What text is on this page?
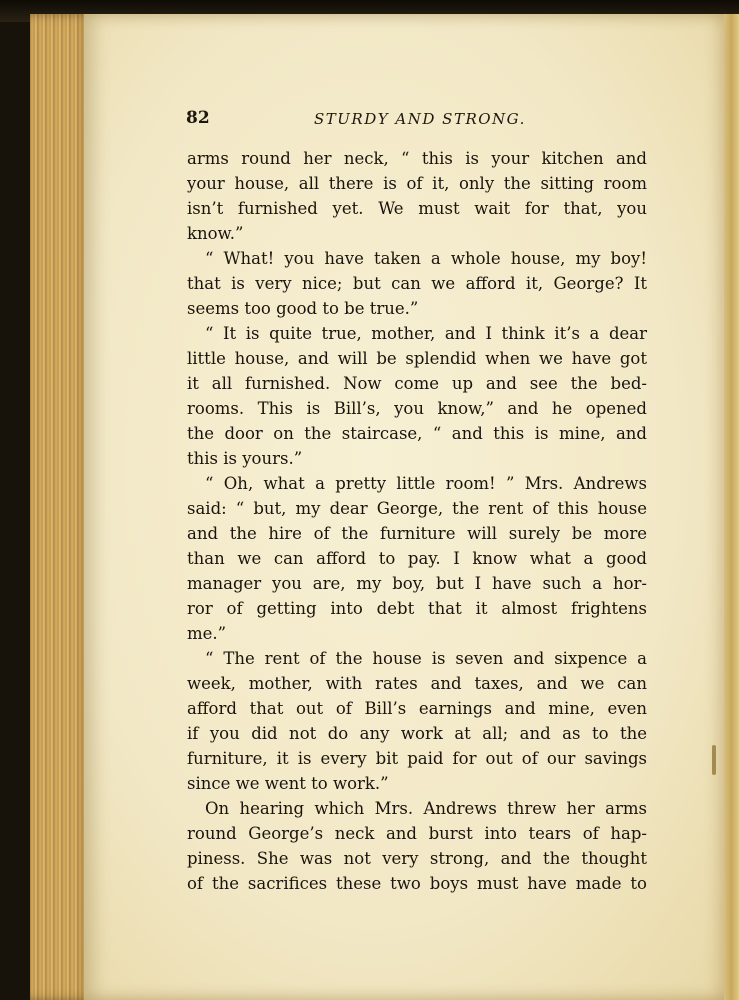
82	STURDY AND STRONG.
arms round her neck, “ this is your kitchen and
your house, all there is of it, only the sitting room
isn’t furnished yet. We must wait for that, you
know.”
“ What! you have taken a whole house, my boy!
that is very nice; but can we afford it, George? It
seems too good to be true.”
“ It is quite true, mother, and I think it’s a dear
little house, and will be splendid when we have got
it all furnished. Now come up and see the bed-
rooms. This is Bill’s, you know,” and he opened
the door on the staircase, “ and this is mine, and
this is yours.”
“ Oh, what a pretty little room! ” Mrs. Andrews
said: “ but, my dear George, the rent of this house
and the hire of the furniture will surely be more
than we can afford to pay. I know what a good
manager you are, my boy, but I have such a hor-
ror of getting into debt that it almost frightens
me.”
“ The rent of the house is seven and sixpence a
week, mother, with rates and taxes, and we can
afford that out of Bill’s earnings and mine, even
if you did not do any work at all; and as to the
furniture, it is every bit paid for out of our savings
since we went to work.”
On hearing which Mrs. Andrews threw her arms
round George’s neck and burst into tears of hap-
piness. She was not very strong, and the thought
of the sacrifices these two boys must have made to
